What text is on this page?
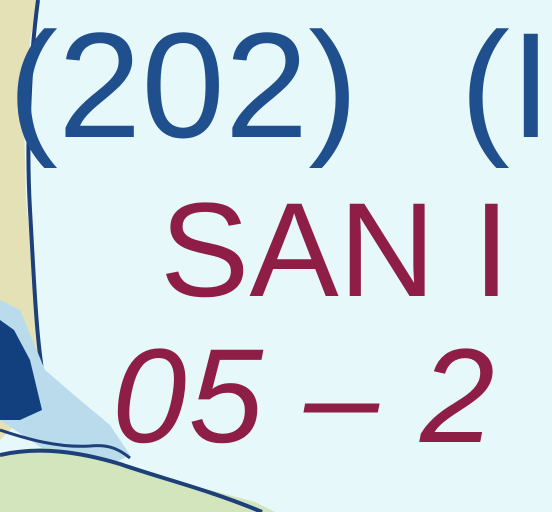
(202) (I
SAN I
05 – 2
